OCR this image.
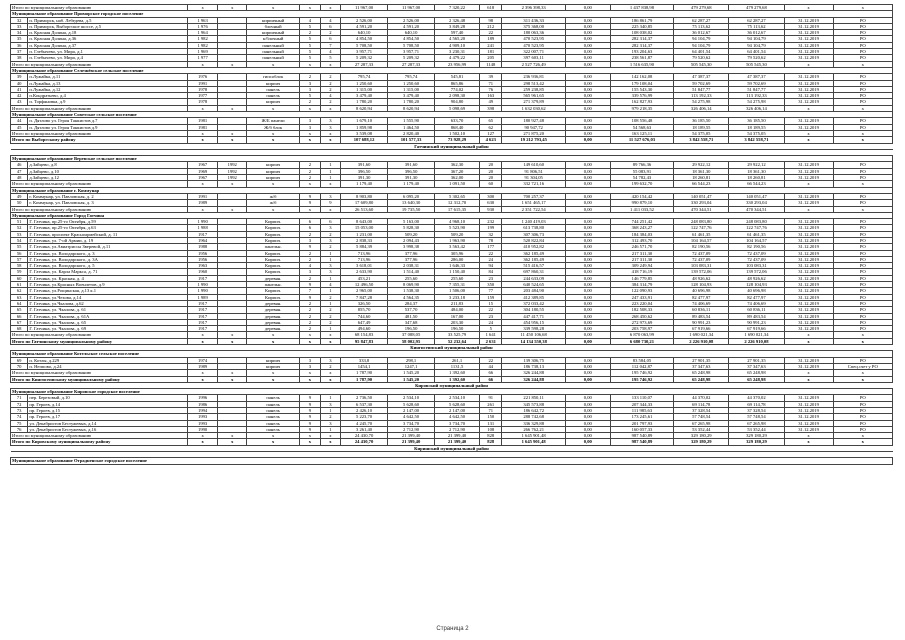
Итого по муниципальному образованию		x	x	x	x	x	11 967,00	11 967,00	7 320,22	618	2 396 398,33	0,00	1 437 838,98	479 279,68	479 279,68	x	x
Муниципальное образование Приморское городское поселение																	
32	п. Приморск, наб. Лебедева, д.5	1 963		кирпичный	4	4	2 526,00	2 526,00	2 326,48	98	311 436,33	0,00	186 861,79	62 287,27	62 287,27	31.12.2019	РО
33	п. Приморск, Выборгское шоссе, д.5	1 976		блочный	5	6	4 591,20	4 591,20	3 849,28	212	375 368,00	0,00	225 340,85	75 113,62	75 113,62	31.12.2019	РО
34	п. Красная Долина, д.18	1 964		кирпичный	2	2	640,10	640,10	597,40	22	180 063,36	0,00	108 038,02	36 012,67	36 012,67	31.12.2019	РО
35	п. Красная Долина, д.36	1 982		к/блочный	5	6	4 854,50	4 854,50	4 565,20	189	470 523,95	0,00	282 314,37	94 104,79	94 104,79	31.12.2019	РО
36	п. Красная Долина, д.37	1 982		панельный	5	7	5 708,50	5 708,50	4 909,10	241	470 523,95	0,00	282 314,37	94 104,79	94 104,79	31.12.2019	РО
37	п. Глебычево, ул. Мира, д.1	1 969		панельный	5	4	3 957,71	3 957,71	3 230,31	181	322 007,71	0,00	193 204,63	64 401,54	64 401,54	31.12.2019	РО
38	п. Глебычево, ул. Мира, д.4	1 977		панельный	5	5	5 209,32	5 209,32	4 479,22	205	397 603,11	0,00	238 561,87	79 520,62	79 520,62	31.12.2019	РО
Итого по муниципальному образованию		x	x	x	x	x	27 287,33	27 287,33	23 956,99	1148	2 527 726,49	0,00	1 516 635,90	505 545,30	505 545,30	x	x
Муниципальное образование Селезнёвское сельское поселение																	
39	п.Лужайка, д.11	1976		гипсоблок	2	2	795,74	795,74	545,81	39	236 936,81	0,00	142 162,08	47 387,37	47 387,37	31.12.2019	РО
40	п.Лужайка, д.13	1991		кирпич	3	2	1 250,60	1 250,60	865,86	71	298 513,42	0,00	179 108,04	59 702,69	59 702,69	31.12.2019	РО
41	п.Лужайка, д.12	1978		панель	3	2	1 315,00	1 315,00	774,02	76	259 238,85	0,00	155 543,30	51 847,77	51 847,77	31.12.2019	РО
42	п.Кондратьево, д.4	1977		панель	5	4	3 479,40	3 479,40	2 098,30	163	565 961,65	0,00	339 576,99	113 192,33	113 192,33	31.12.2019	РО
43	п. Торфяновка, д.9	1978		кирпич	2	2	1 780,20	1 780,20	904,80	49	271 379,89	0,00	162 827,93	54 275,98	54 275,98	31.12.2019	РО
Итого по муниципальному образованию		x	x	x	x	x	8 620,94	8 620,94	5 098,69	398	1 632 030,62	0,00	979 218,35	326 406,14	326 406,14	x	x
Муниципальное образование Советское сельское поселение																	
44	п. Дятлово ул. Героя Танкистов д.7	1981		Ж/Б панели	3	3	1 679,10	1 555,90	633,70	65	180 927,48	0,00	108 556,48	36 185,50	36 185,50	31.12.2019	РО
45	п. Дятлово ул. Героя Танкистов д.9	1981		Ж/б блок	3	3	1 859,98	1 464,50	868,40	62	90 947,72	0,00	54 568,63	18 189,55	18 189,55	31.12.2019	РО
Итого по муниципальному образованию		x	x	x	x	x	3 539,08	2 820,40	1 502,10	127	271 875,20	0,00	163 125,11	54 375,05	54 375,05	x	x
Итого по Выборгскому району		x	x	x	x	x	107 688,12	101 577,33	73 928,29	4 623	19 212 793,45	0,00	11 527 676,03	3 842 558,71	3 842 558,71	x	x
Гатчинский муниципальный район																	

Муниципальное образование Веревское сельское поселение																	
46	д.Зайцево, д.8	1967	1992	кирпич	2	1	391,60	391,60	362,30	20	149 610,60	0,00	89 766,36	29 922,12	29 922,12	31.12.2019	РО
47	д.Зайцево, д.10	1969	1992	кирпич	2	1	396,50	396,50	367,20	20	91 806,51	0,00	55 083,91	18 361,30	18 361,30	31.12.2019	РО
48	д.Зайцево, д.12	1967	1992	кирпич	2	1	391,30	391,30	362,00	20	91 304,05	0,00	54 782,43	18 260,81	18 260,81	31.12.2019	РО
Итого по муниципальному образованию		x	x	x	x	x	1 179,40	1 179,40	1 091,50	60	332 721,16	0,00	199 632,70	66 544,23	66 544,23	x	x
Муниципальное образование г. Коммунар																	
49	г. Коммунар, ул. Павловская, д. 2	1991		ж/б	9	3	8 903,80	6 095,20	5 302,65	300	700 257,37	0,00	420 154,42	140 051,47	140 051,47	31.12.2019	РО
50	г. Коммунар, ул. Павловская, д. 3	1989		ж/б	9	9	17 609,80	13 640,30	12 312,70	630	1 651 465,17	0,00	990 879,10	330 293,04	330 293,04	31.12.2019	РО
Итого по муниципальному образованию		x	x	x	x	x	26 513,60	19 735,50	17 615,35	930	2 351 722,54	0,00	1 411 033,52	470 344,51	470 344,51	x	x
Муниципальное образование Город Гатчина																	
51	Г. Гатчина, пр.25-го Октября, д.59	1 990		Кирпич.	6	6	8 643,00	5 163,00	4 968,10	232	1 240 419,03	0,00	744 251,42	248 083,80	248 083,80	31.12.2019	РО
52	Г. Гатчина, пр.25-го Октября, д.63	1 988		Кирпич.	6	3	15 053,00	5 828,30	5 523,90	199	613 738,80	0,00	368 243,27	122 747,76	122 747,76	31.12.2019	РО
53	Г. Гатчина, проспект Красноармейский, д. 11	1917		Кирпич.	2	2	1 231,00	509,20	509,20	32	307 306,73	0,00	184 384,03	61 461,35	61 461,35	31.12.2019	РО
54	Г. Гатчина, ул. 7-ой Армии, д. 19	1964		Кирпич.	3	3	2 838,33	2 094,43	1 963,90	78	520 822,84	0,00	312 493,70	104 164,57	104 164,57	31.12.2019	РО
55	Г. Гатчина, ул.Авиатриссы Зверевой, д.11	1988		панельн.	9	2	5 884,39	3 998,38	3 563,42	177	410 952,82	0,00	246 571,70	82 190,56	82 190,56	31.12.2019	РО
56	Г. Гатчина, ул. Володарского, д. 3	1956		Кирпич.	2	1	713,96	377,96	305,96	22	362 185,49	0,00	217 311,30	72 437,09	72 437,09	31.12.2019	РО
57	Г. Гатчина, ул. Володарского, д. 3А	1956		Кирпич.	2	1	713,96	377,96	286,00	24	362 185,49	0,00	217 311,30	72 437,09	72 437,09	31.12.2019	РО
58	Г. Гатчина, ул. Володарского, д. 5	1963		Кирпич.	4	3	3 618,01	2 038,31	1 646,33	94	515 416,57	0,00	309 249,94	103 083,31	103 083,31	31.12.2019	РО
59	Г. Гатчина, ул. Карла Маркса, д. 71	1960		Кирпич.	3	3	2 633,90	1 514,40	1 150,40	84	697 860,31	0,00	418 716,19	139 572,06	139 572,06	31.12.2019	РО
60	Г. Гатчина, ул. Красная, д. 4	1917		деревян.	2	1	453,21	255,60	255,60	23	244 633,09	0,00	146 779,85	48 926,62	48 926,62	31.12.2019	РО
61	Г. Гатчина, ул.Красных Военлетов, д.9	1 990		панельн.	9	4	12 496,50	8 069,90	7 355,31	350	640 524,65	0,00	384 314,79	128 104,93	128 104,93	31.12.2019	РО
62	Г. Гатчина, ул.Рощинская, д.13 к.1	1 990		Кирпич.	7	1	2 965,00	1 538,30	1 506,00	77	203 484,90	0,00	122 090,93	40 696,98	40 696,98	31.12.2019	РО
63	Г. Гатчина, ул.Чехова, д.14	1 989		Кирпич.	9	2	7 847,28	4 564,35	3 233,18	159	412 389,85	0,00	247 433,91	82 477,97	82 477,97	31.12.2019	РО
64	Г. Гатчина, ул.Чкалова, д.62	1917		деревян.	2	1	326,50	284,37	211,83	15	372 033,42	0,00	223 220,04	74 406,69	74 406,69	31.12.2019	РО
65	Г. Гатчина, ул. Чкалова, д. 61	1917		деревян.	2	2	855,70	537,70	484,00	22	304 180,55	0,00	182 508,33	60 836,11	60 836,11	31.12.2019	РО
66	Г. Гатчина, ул. Чкалова, д. 61А	1917		деревян.	2	2	744,60	481,50	167,00	23	447 417,71	0,00	268 450,62	89 483,54	89 483,54	31.12.2019	РО
67	Г. Гатчина, ул. Чкалова, д. 65	1917		деревян.	2	2	647,49	347,68	203,30	24	454 956,15	0,00	272 973,69	90 991,23	90 991,23	31.12.2019	РО
68	Г. Гатчина, ул. Чкалова, д. 69	1917		деревян.	2	1	494,60	196,50	196,50	5	339 598,28	0,00	203 758,97	67 919,66	67 919,66	31.12.2019	РО
Итого по муниципальному образованию		x	x	x	x	x	68 154,83	37 088,05	33 525,79	1 641	11 450 106,68	0,00	6 870 063,99	1 690 021,34	1 690 021,34	x	x
Итого по Гатчинскому муниципальному району		x	x	x	x	x	95 847,83	58 002,95	52 232,64	2 631	14 134 550,38	0,00	6 680 730,21	2 226 910,08	2 226 910,08	x	x
Кингисеппский муниципальный район																	
Муниципальное образование Котельское сельское поселение																	
69	п. Котлы, д.229	1974		кирпич	3	3	333,8	298,1	261,1	22	139 306,75	0,00	83 584,05	27 901,35	27 901,35	31.12.2019	РО
70	п. Неппово, д.24	1989		кирпич	3	2	1454,1	1247,1	1131,5	44	186 738,13	0,00	112 042,87	37 347,63	37 347,63	31.12.2019	Спец.счет у РО
Итого по муниципальному образованию		x	x	x	x	x	1 787,90	1 545,20	1 392,60	66	326 244,88	0,00	195 746,92	65 248,98	65 248,98	x	x
Итого по Кингисеппскому муниципальному району		x	x	x	x	x	1 787,90	1 545,20	1 392,60	66	326 244,88	0,00	195 746,92	65 248,98	65 248,98	x	x
Кировский муниципальный район																	
Муниципальное образование Кировское городское поселение																	
71	пер. Березовый, д.10	1996		панель	9	1	2 736,50	2 534,10	2 534,10	91	221 850,11	0,00	133 110,07	44 370,02	44 370,02	31.12.2019	РО
72	пр. Героев, д.14	1986		панель	9	3	6 537,30	5 628,60	5 628,60	261	345 573,88	0,00	207 344,33	69 114,78	69 114,78	31.12.2019	РО
73	пр. Героев, д.15	1994		панель	9	1	2 426,10	2 147,00	2 147,00	71	186 642,72	0,00	111 985,63	37 328,54	37 328,54	31.12.2019	РО
74	пр. Героев, д.17	1993		панель	9	2	5 223,70	4 642,50	4 642,50	150	288 742,68	0,00	173 245,61	57 748,54	57 748,54	31.12.2019	РО
75	ул. Декабристов Бестужевых, д.14	1993		панель	9	3	4 245,70	3 734,70	3 734,70	131	336 329,88	0,00	201 797,93	67 265,98	67 265,98	31.12.2019	РО
76	ул. Декабристов Бестужевых, д.16	1990		панель	9	1	3 261,40	2 712,90	2 712,90	108	266 762,21	0,00	160 057,33	53 352,44	53 352,44	31.12.2019	РО
Итого по муниципальному образованию		x	x	x	x	x	24 430,70	21 399,40	21 399,40	828	1 645 901,48	0,00	987 540,89	329 180,29	329 180,29	x	x
Итого по Кировскому муниципальному району		x	x	x	x	x	24 430,70	21 399,40	21 399,40	828	1 645 901,48	0,00	987 540,89	329 180,29	329 180,29	x	x
Киришский муниципальный район																	

Муниципальное образование Отрадненское городское поселение																	
Страница 2
